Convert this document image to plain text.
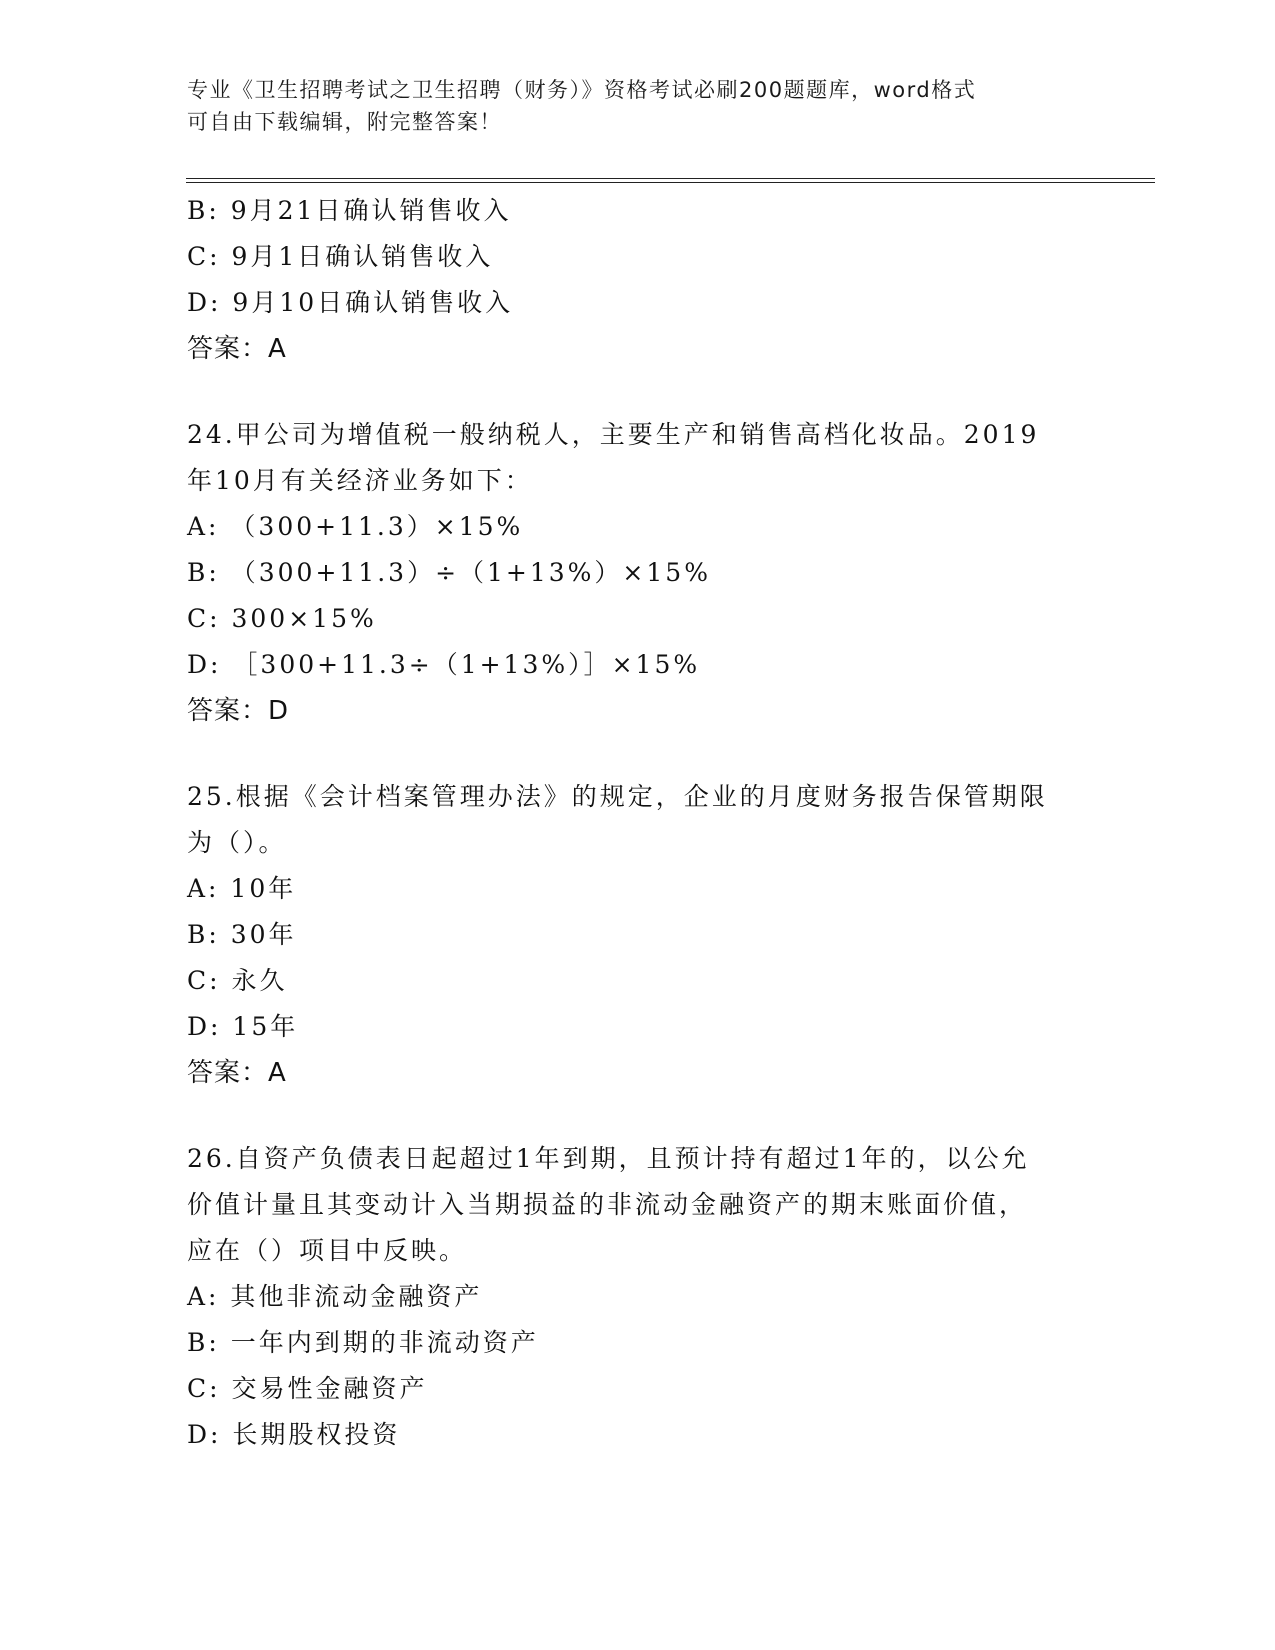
专业《卫生招聘考试之卫生招聘（财务）》资格考试必刷200题题库，word格式
可自由下载编辑，附完整答案！
B: 9月21日确认销售收入
C: 9月1日确认销售收入
D: 9月10日确认销售收入
答案：A
24.甲公司为增值税一般纳税人，主要生产和销售高档化妆品。2019
年10月有关经济业务如下：
A: （300+11.3）×15%
B: （300+11.3）÷（1+13%）×15%
C: 300×15%
D: ［300+11.3÷（1+13%）］×15%
答案：D
25.根据《会计档案管理办法》的规定，企业的月度财务报告保管期限
为（）。
A: 10年
B: 30年
C: 永久
D: 15年
答案：A
26.自资产负债表日起超过1年到期，且预计持有超过1年的，以公允
价值计量且其变动计入当期损益的非流动金融资产的期末账面价值，
应在（）项目中反映。
A: 其他非流动金融资产
B: 一年内到期的非流动资产
C: 交易性金融资产
D: 长期股权投资
